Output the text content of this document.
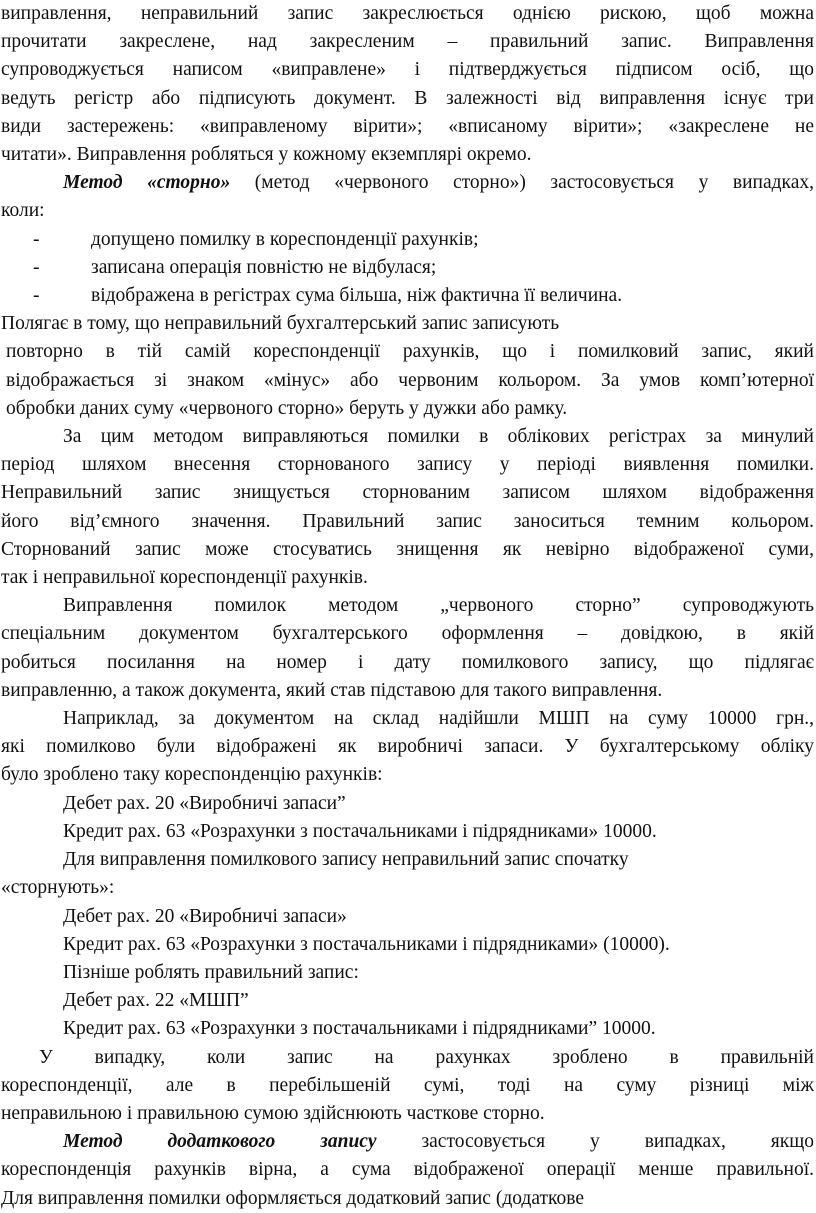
виправлення, неправильний запис закреслюється однією рискою, щоб можна

прочитати закреслене, над закресленим – правильний запис. Виправлення

супроводжується написом «виправлене» і підтверджується підписом осіб, що

ведуть регістр або підписують документ. В залежності від виправлення існує три

види застережень: «виправленому вірити»; «вписаному вірити»; «закреслене не

читати». Виправлення робляться у кожному екземплярі окремо.

Метод «сторно» (метод «червоного сторно») застосовується у випадках,

коли:

-	допущено помилку в кореспонденції рахунків;
-	записана операція повністю не відбулася;
-	відображена в регістрах сума більша, ніж фактична її величина.

Полягає в тому, що неправильний бухгалтерський запис записують

повторно в тій самій кореспонденції рахунків, що і помилковий запис, який

відображається зі знаком «мінус» або червоним кольором. За умов комп’ютерної

обробки даних суму «червоного сторно» беруть у дужки або рамку.

За цим методом виправляються помилки в облікових регістрах за минулий

період шляхом внесення сторнованого запису у періоді виявлення помилки.

Неправильний запис знищується сторнованим записом шляхом відображення

його від’ємного значення. Правильний запис заноситься темним кольором.

Сторнований запис може стосуватись знищення як невірно відображеної суми,

так і неправильної кореспонденції рахунків.

Виправлення помилок методом „червоного сторно” супроводжують

спеціальним документом бухгалтерського оформлення – довідкою, в якій

робиться посилання на номер і дату помилкового запису, що підлягає

виправленню, а також документа, який став підставою для такого виправлення.

Наприклад, за документом на склад надійшли МШП на суму 10000 грн.,

які помилково були відображені як виробничі запаси. У бухгалтерському обліку

було зроблено таку кореспонденцію рахунків:

Дебет рах. 20 «Виробничі запаси”

Кредит рах. 63 «Розрахунки з постачальниками і підрядниками» 10000.

Для виправлення помилкового запису неправильний запис спочатку

«сторнують»:

Дебет рах. 20 «Виробничі запаси»

Кредит рах. 63 «Розрахунки з постачальниками і підрядниками» (10000).

Пізніше роблять правильний запис:

Дебет рах. 22 «МШП”

Кредит рах. 63 «Розрахунки з постачальниками і підрядниками” 10000.

У випадку, коли запис на рахунках зроблено в правильній

кореспонденції, але в перебільшеній сумі, тоді на суму різниці між

неправильною і правильною сумою здійснюють часткове сторно.

Метод додаткового запису застосовується у випадках, якщо

кореспонденція рахунків вірна, а сума відображеної операції менше правильної.

Для виправлення помилки оформляється додатковий запис (додаткове
